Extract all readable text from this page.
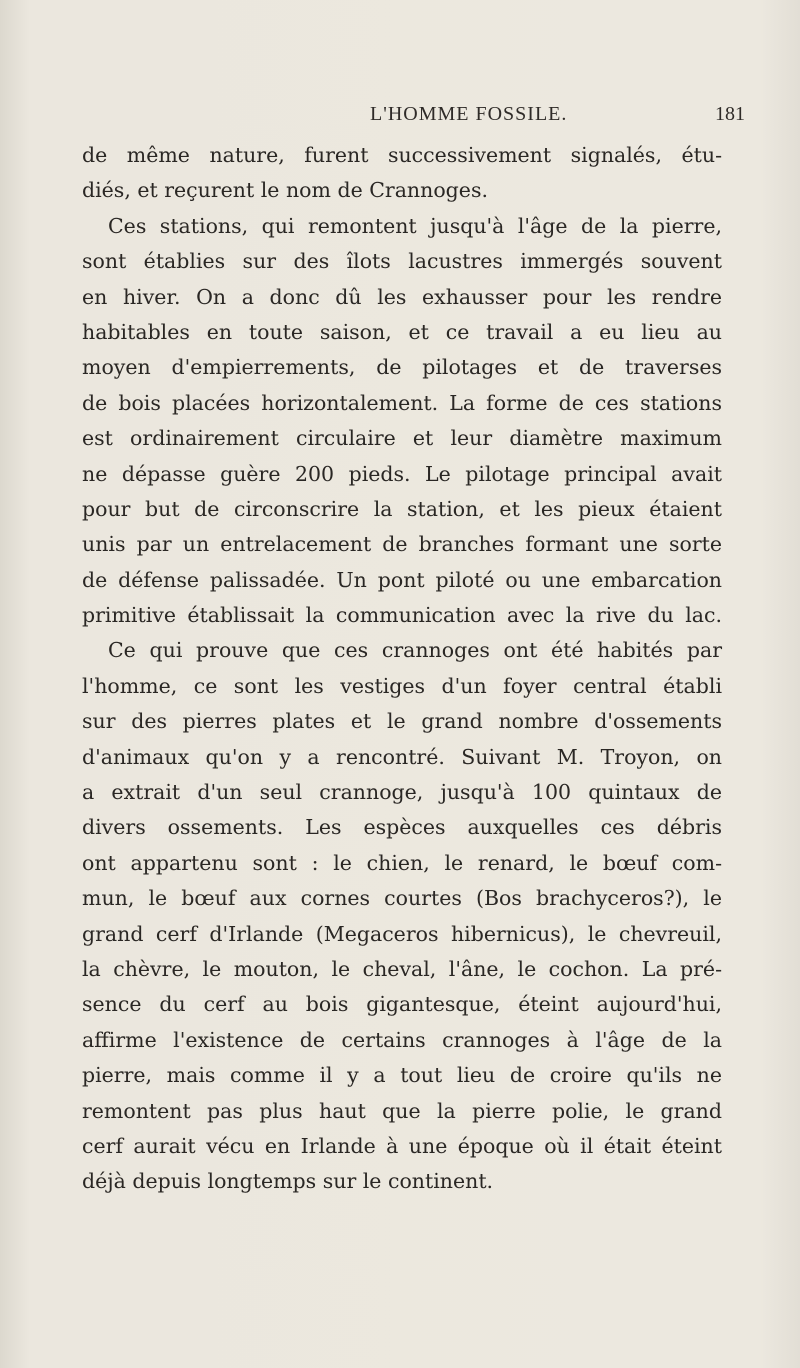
L'HOMME FOSSILE.	181
de même nature, furent successivement signalés, étu-
diés, et reçurent le nom de Crannoges.
Ces stations, qui remontent jusqu'à l'âge de la pierre,
sont établies sur des îlots lacustres immergés souvent
en hiver. On a donc dû les exhausser pour les rendre
habitables en toute saison, et ce travail a eu lieu au
moyen d'empierrements, de pilotages et de traverses
de bois placées horizontalement. La forme de ces stations
est ordinairement circulaire et leur diamètre maximum
ne dépasse guère 200 pieds. Le pilotage principal avait
pour but de circonscrire la station, et les pieux étaient
unis par un entrelacement de branches formant une sorte
de défense palissadée. Un pont piloté ou une embarcation
primitive établissait la communication avec la rive du lac.
Ce qui prouve que ces crannoges ont été habités par
l'homme, ce sont les vestiges d'un foyer central établi
sur des pierres plates et le grand nombre d'ossements
d'animaux qu'on y a rencontré. Suivant M. Troyon, on
a extrait d'un seul crannoge, jusqu'à 100 quintaux de
divers ossements. Les espèces auxquelles ces débris
ont appartenu sont : le chien, le renard, le bœuf com-
mun, le bœuf aux cornes courtes (Bos brachyceros?), le
grand cerf d'Irlande (Megaceros hibernicus), le chevreuil,
la chèvre, le mouton, le cheval, l'âne, le cochon. La pré-
sence du cerf au bois gigantesque, éteint aujourd'hui,
affirme l'existence de certains crannoges à l'âge de la
pierre, mais comme il y a tout lieu de croire qu'ils ne
remontent pas plus haut que la pierre polie, le grand
cerf aurait vécu en Irlande à une époque où il était éteint
déjà depuis longtemps sur le continent.
